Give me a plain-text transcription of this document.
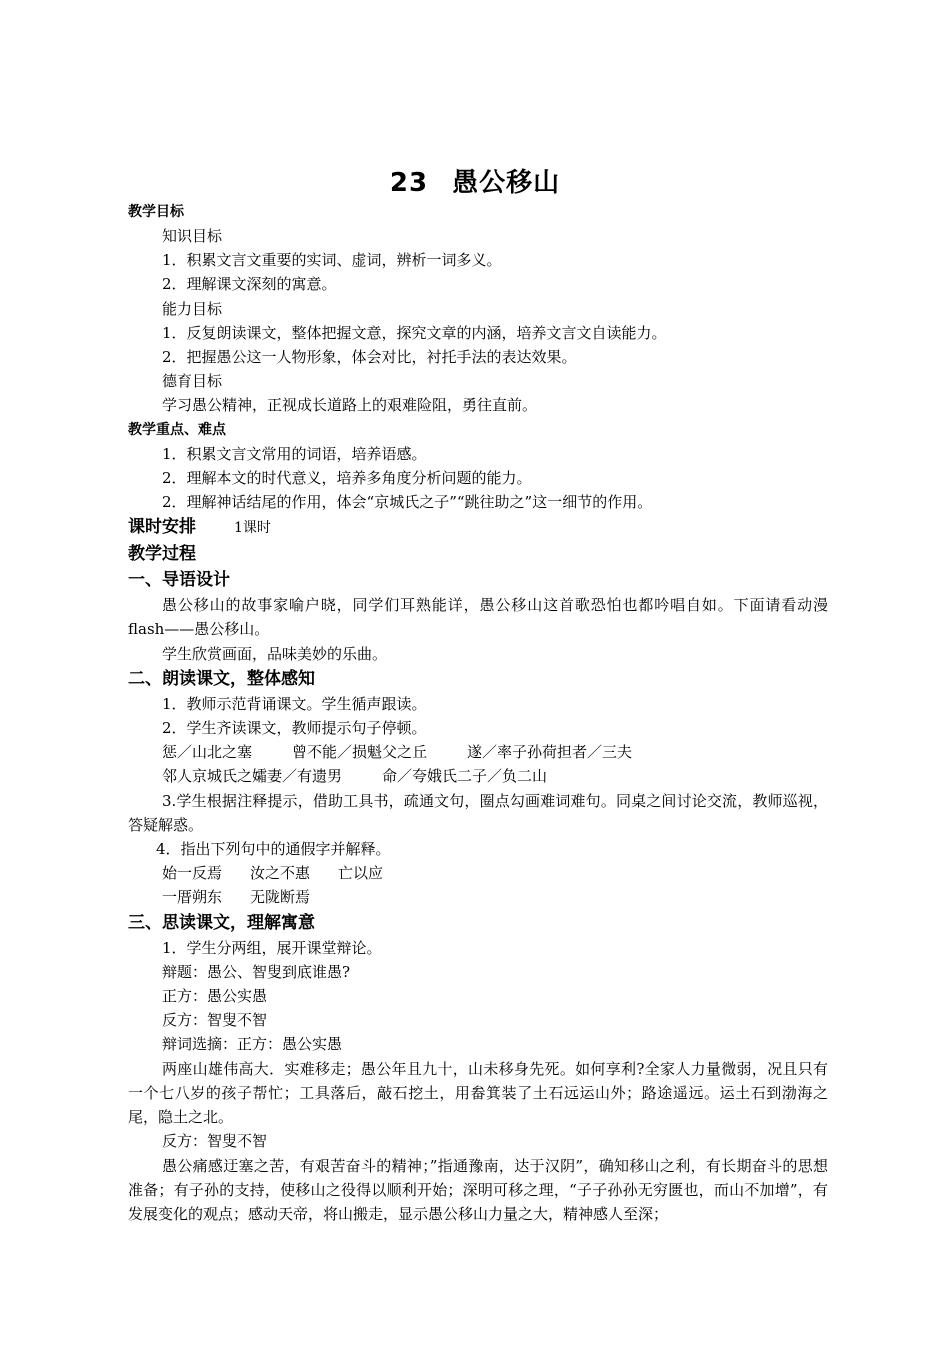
23 愚公移山

教学目标

知识目标

1．积累文言文重要的实词、虚词，辨析一词多义。

2．理解课文深刻的寓意。

能力目标

1．反复朗读课文，整体把握文意，探究文章的内涵，培养文言文自读能力。

2．把握愚公这一人物形象，体会对比，衬托手法的表达效果。

德育目标

学习愚公精神，正视成长道路上的艰难险阻，勇往直前。

教学重点、难点

1．积累文言文常用的词语，培养语感。

2．理解本文的时代意义，培养多角度分析问题的能力。

2．理解神话结尾的作用，体会“京城氏之子”“跳往助之”这一细节的作用。

课时安排	1课时

教学过程

一、导语设计

愚公移山的故事家喻户晓，同学们耳熟能详，愚公移山这首歌恐怕也都吟唱自如。下面请看动漫flash——愚公移山。

学生欣赏画面，品味美妙的乐曲。

二、朗读课文，整体感知

1．教师示范背诵课文。学生循声跟读。

2．学生齐读课文，教师提示句子停顿。

惩／山北之塞	曾不能／损魁父之丘	遂／率子孙荷担者／三夫

邻人京城氏之孀妻／有遗男	命／夸娥氏二子／负二山

3.学生根据注释提示，借助工具书，疏通文句，圈点勾画难词难句。同桌之间讨论交流，教师巡视，答疑解惑。

4．指出下列句中的通假字并解释。

始一反焉 汝之不惠 亡以应

一厝朔东 无陇断焉

三、思读课文，理解寓意

1．学生分两组，展开课堂辩论。

辩题：愚公、智叟到底谁愚?

正方：愚公实愚

反方：智叟不智

辩词选摘：正方：愚公实愚

两座山雄伟高大．实难移走；愚公年且九十，山未移身先死。如何享利?全家人力量微弱，况且只有一个七八岁的孩子帮忙；工具落后，敲石挖土，用畚箕装了土石远运山外；路途遥远。运土石到渤海之尾，隐土之北。

反方：智叟不智

愚公痛感迂塞之苦，有艰苦奋斗的精神；”指通豫南，达于汉阴”，确知移山之利，有长期奋斗的思想准备；有子孙的支持，使移山之役得以顺利开始；深明可移之理，“子子孙孙无穷匮也，而山不加增”，有发展变化的观点；感动天帝，将山搬走，显示愚公移山力量之大，精神感人至深；
